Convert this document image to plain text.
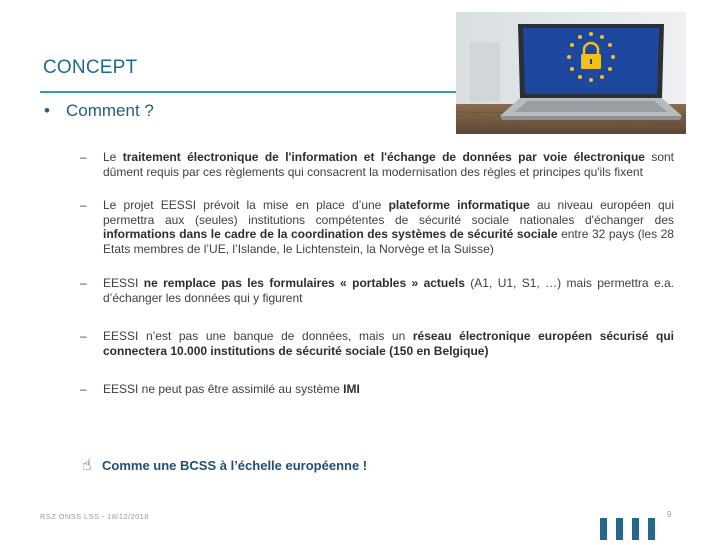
CONCEPT
• Comment ?
– Le traitement électronique de l'information et l'échange de données par voie électronique sont dûment requis par ces règlements qui consacrent la modernisation des règles et principes qu'ils fixent
– Le projet EESSI prévoit la mise en place d’une plateforme informatique au niveau européen qui permettra aux (seules) institutions compétentes de sécurité sociale nationales d'échanger des informations dans le cadre de la coordination des systèmes de sécurité sociale entre 32 pays (les 28 Etats membres de l’UE, l’Islande, le Lichtenstein, la Norvège et la Suisse)
– EESSI ne remplace pas les formulaires « portables » actuels (A1, U1, S1, …) mais permettra e.a. d’échanger les données qui y figurent
– EESSI n’est pas une banque de données, mais un réseau électronique européen sécurisé qui connectera 10.000 institutions de sécurité sociale (150 en Belgique)
– EESSI ne peut pas être assimilé au système IMI
☝ Comme une BCSS à l’échelle européenne !
RSZ ONSS LSS - 18/12/2018	9
